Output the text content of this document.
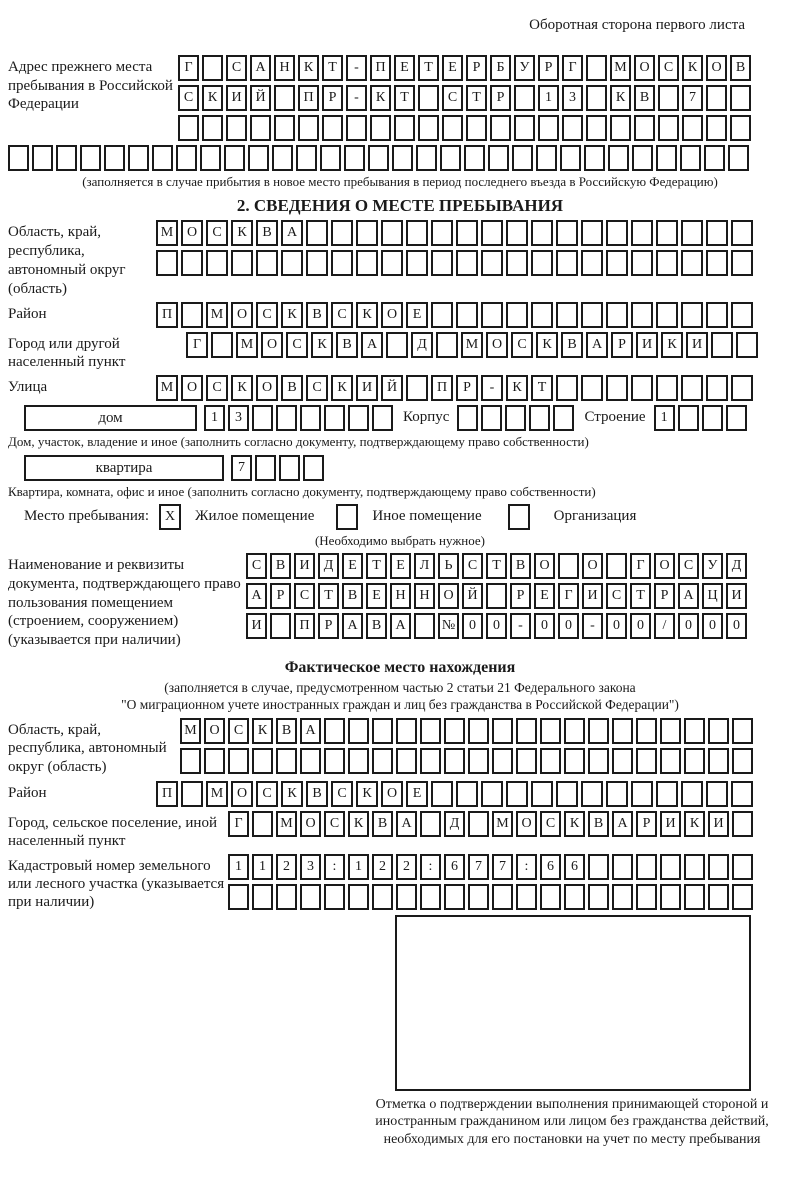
Оборотная сторона первого листа
Адрес прежнего места пребывания в Российской Федерации
Г	С	А Н	К	Т	-	П	Е	Т	Е	Р	Б	У	Р	Г	М О	С	К	О	В
С	К	И Й	П	Р	-	К	Т	С	Т	Р	1	3	К	В	7
(заполняется в случае прибытия в новое место пребывания в период последнего въезда в Российскую Федерацию)
2. СВЕДЕНИЯ О МЕСТЕ ПРЕБЫВАНИЯ
Область, край, республика, автономный округ (область)
М О	С	К	В	А
Район	П	М О	С	К	В	С	К	О	Е
Город или другой населенный пункт
Г	М О	С	К	В	А	Д	М О	С	К	В	А	Р	И	К	И
Улица	М О	С	К	О	В	С	К	И	Й	П	Р	-	К	Т
дом	1	3	Корпус	Строение	1
Дом, участок, владение и иное (заполнить согласно документу, подтверждающему право собственности)
квартира	7
Квартира, комната, офис и иное (заполнить согласно документу, подтверждающему право собственности)
Место пребывания:	X	Жилое помещение	Иное помещение	Организация
(Необходимо выбрать нужное)
Наименование и реквизиты документа, подтверждающего право пользования помещением (строением, сооружением) (указывается при наличии)
С	В	И	Д	Е	Т	Е	Л	Ь	С	Т	В	О	О	Г	О	С	У	Д
А	Р	С	Т	В	Е	Н Н О Й	Р	Е	Г	И	С	Т	Р	А Ц И
И	П	Р	А	В	А	№ 0	0	-	0	0	-	0	0	/	0	0	0
Фактическое место нахождения
(заполняется в случае, предусмотренном частью 2 статьи 21 Федерального закона
"О миграционном учете иностранных граждан и лиц без гражданства в Российской Федерации")
Область, край, республика, автономный округ (область)
М О	С	К	В	А
Район	П	М О	С	К	В	С	К	О	Е
Город, сельское поселение, иной населенный пункт
Г	М О	С	К	В	А	Д	М О	С	К	В	А	Р	И	К	И
Кадастровый номер земельного или лесного участка (указывается при наличии)
1	1	2	3	:	1	2	2	:	6	7	7	:	6	6
Отметка о подтверждении выполнения принимающей стороной и иностранным гражданином или лицом без гражданства действий, необходимых для его постановки на учет по месту пребывания
